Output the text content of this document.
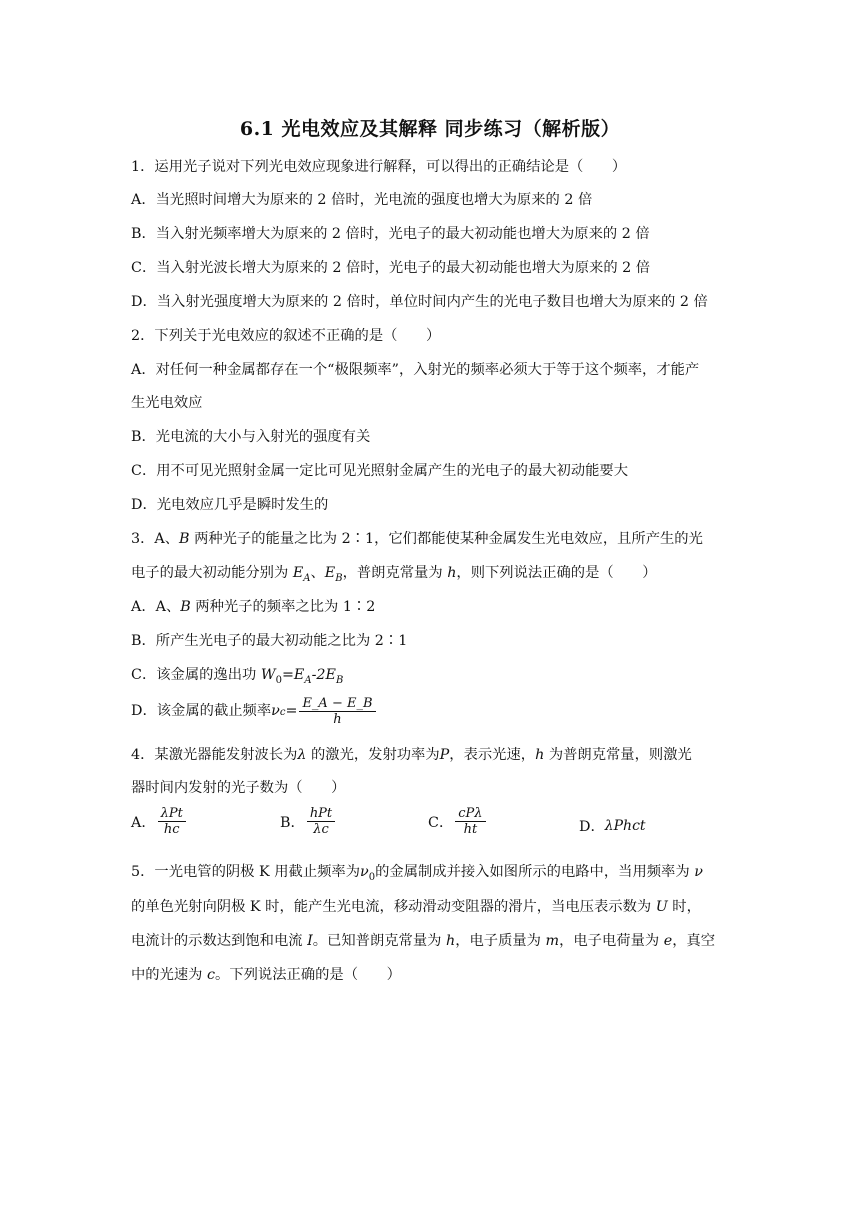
6.1 光电效应及其解释 同步练习（解析版）
1．运用光子说对下列光电效应现象进行解释，可以得出的正确结论是（　　）
A．当光照时间增大为原来的 2 倍时，光电流的强度也增大为原来的 2 倍
B．当入射光频率增大为原来的 2 倍时，光电子的最大初动能也增大为原来的 2 倍
C．当入射光波长增大为原来的 2 倍时，光电子的最大初动能也增大为原来的 2 倍
D．当入射光强度增大为原来的 2 倍时，单位时间内产生的光电子数目也增大为原来的 2 倍
2．下列关于光电效应的叙述不正确的是（　　）
A．对任何一种金属都存在一个“极限频率”，入射光的频率必须大于等于这个频率，才能产
生光电效应
B．光电流的大小与入射光的强度有关
C．用不可见光照射金属一定比可见光照射金属产生的光电子的最大初动能要大
D．光电效应几乎是瞬时发生的
3．A、B 两种光子的能量之比为 2∶1，它们都能使某种金属发生光电效应，且所产生的光
电子的最大初动能分别为 $E_A$、$E_B$，普朗克常量为 h，则下列说法正确的是（　　）
A．A、B 两种光子的频率之比为 1∶2
B．所产生光电子的最大初动能之比为 2∶1
C．该金属的逸出功 $W_0=E_A-2E_B$
D．该金属的截止频率 ν $c = \frac{E\_A - E\_B}{h}$
4．某激光器能发射波长为λ 的激光，发射功率为P，表示光速，h 为普朗克常量，则激光
器时间内发射的光子数为（　　）
A． $\frac{\text{λPt}}{hc}$	B． $\frac{\text{hPt}}{\lambda c}$	C． $\frac{\text{cPλ}}{ht}$	D． λPhct
5．一光电管的阴极 K 用截止频率为$\nu_0$的金属制成并接入如图所示的电路中，当用频率为 ν
的单色光射向阴极 K 时，能产生光电流，移动滑动变阻器的滑片，当电压表示数为 U 时，
电流计的示数达到饱和电流 I。已知普朗克常量为 h，电子质量为 m，电子电荷量为 e，真空
中的光速为 c。下列说法正确的是（　　）
